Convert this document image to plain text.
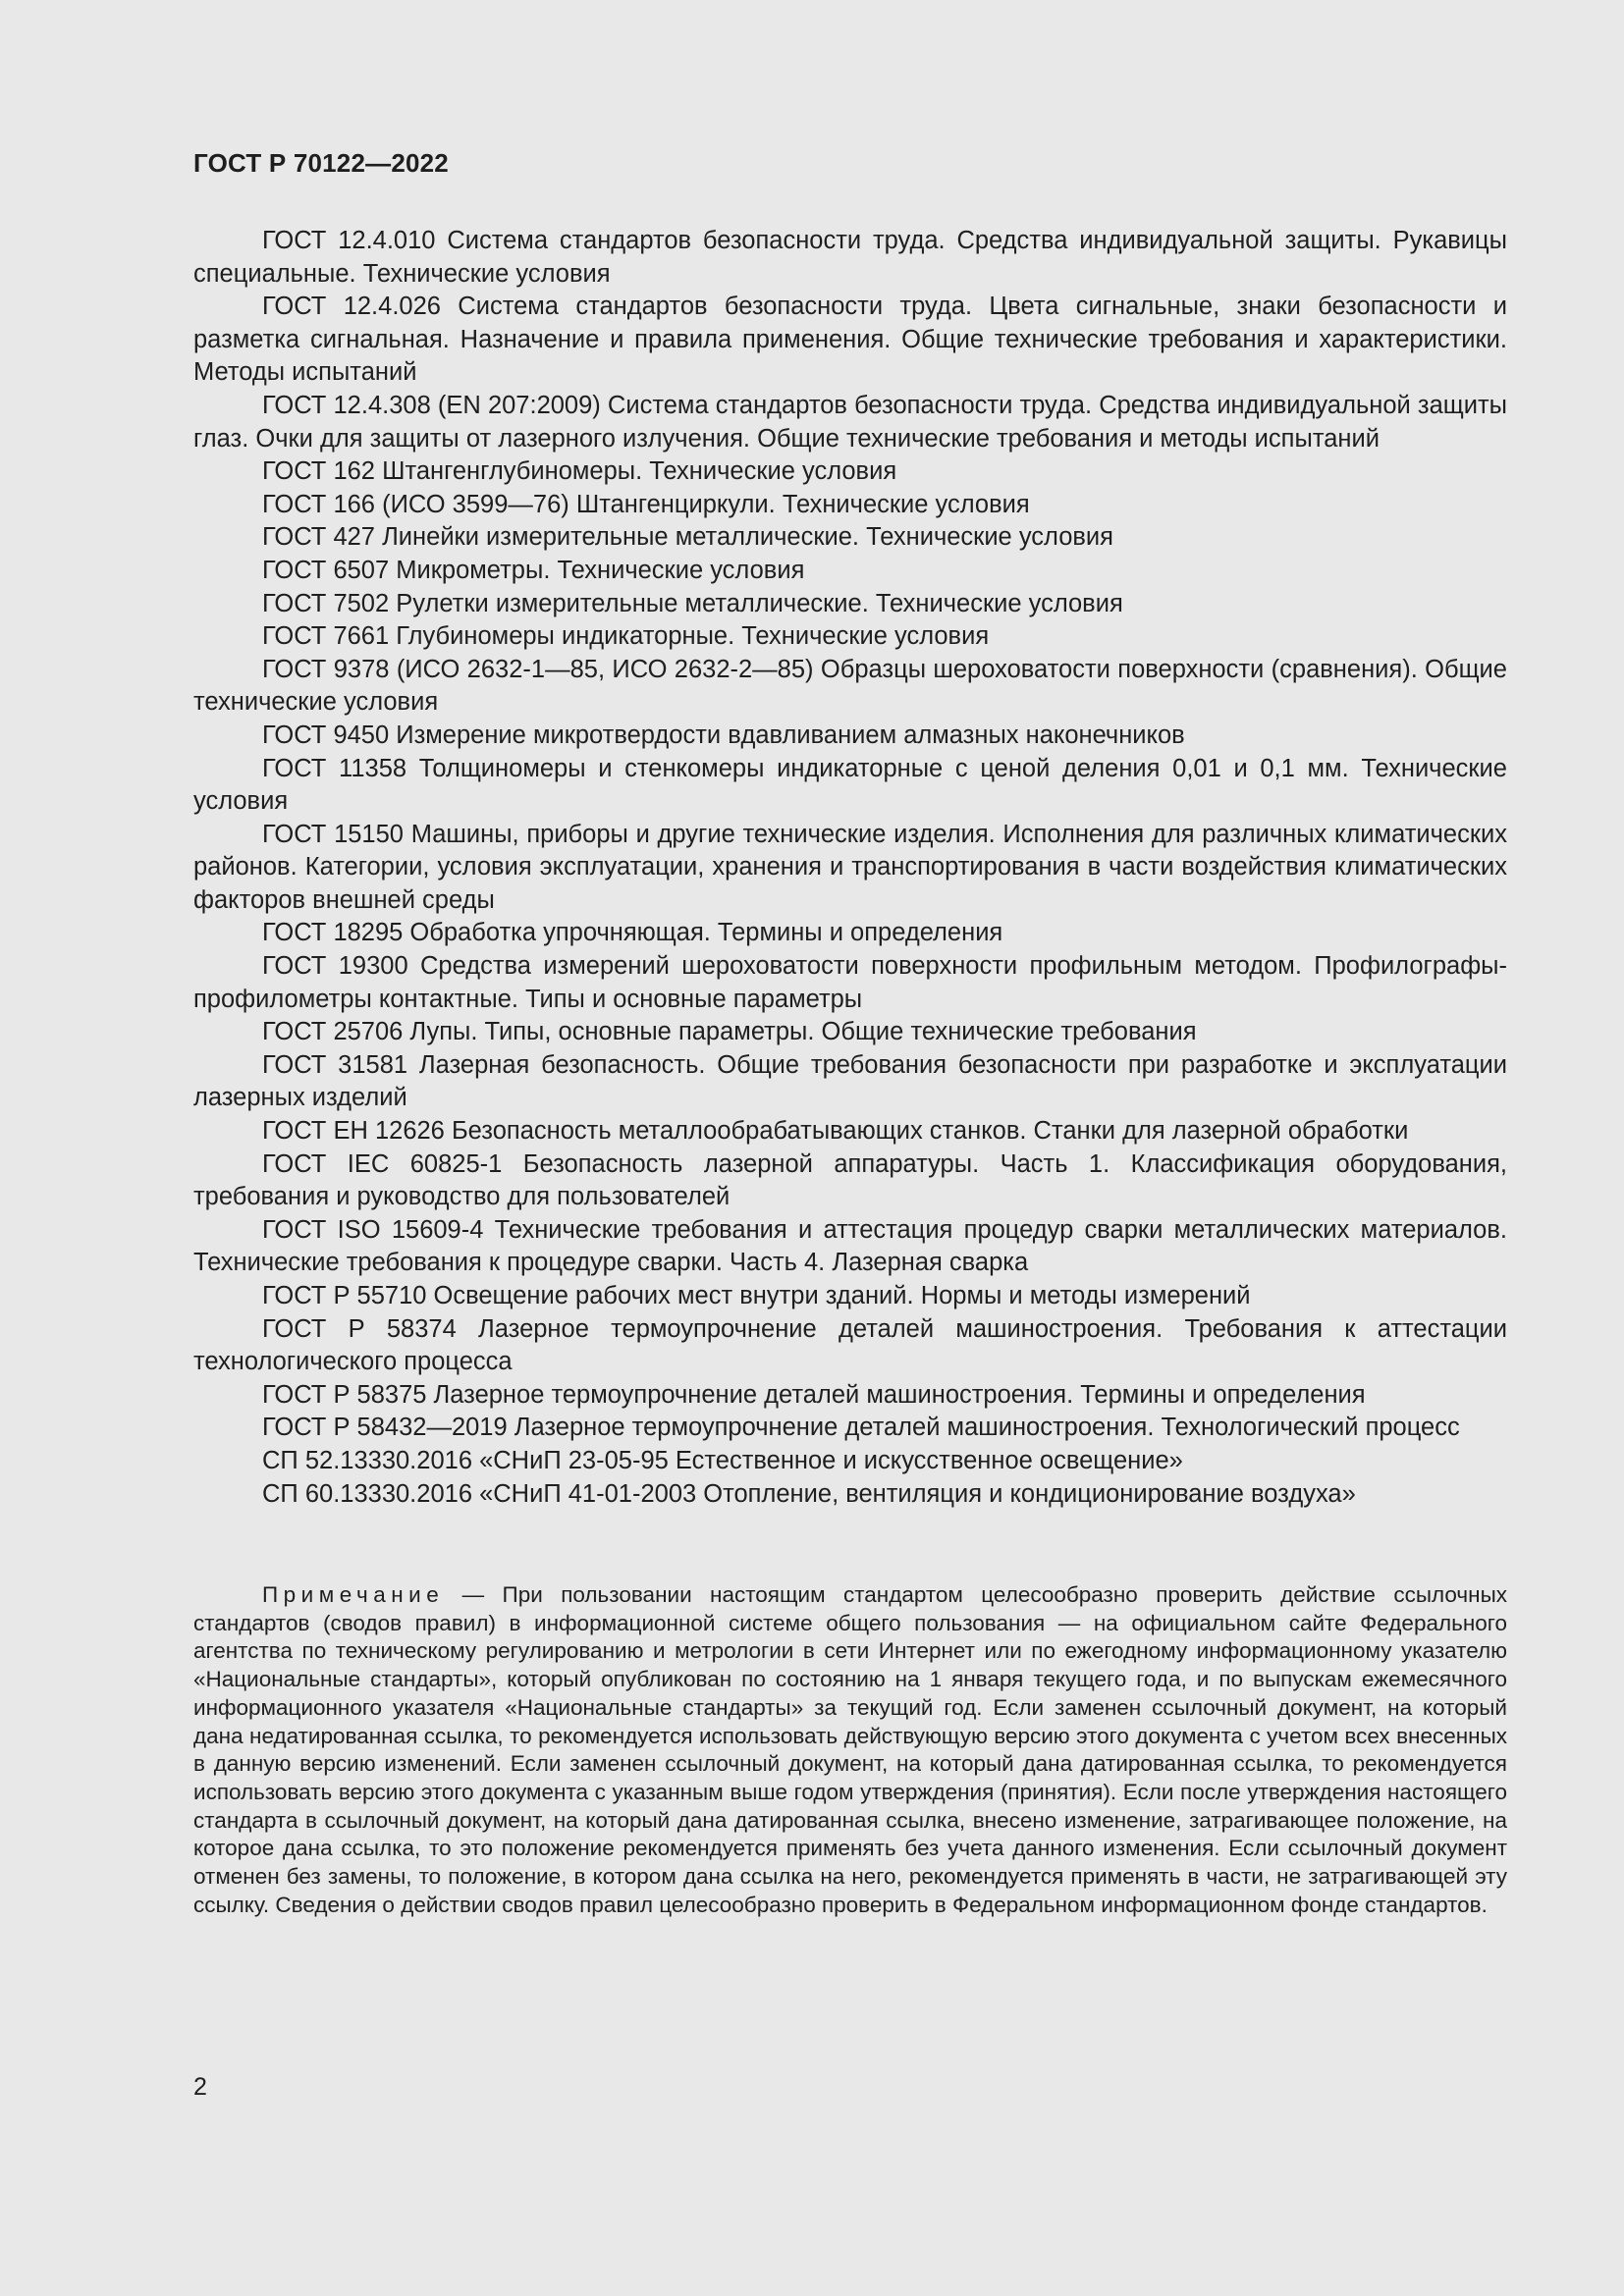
ГОСТ Р 70122—2022

ГОСТ 12.4.010 Система стандартов безопасности труда. Средства индивидуальной защиты. Рукавицы специальные. Технические условия

ГОСТ 12.4.026 Система стандартов безопасности труда. Цвета сигнальные, знаки безопасности и разметка сигнальная. Назначение и правила применения. Общие технические требования и характеристики. Методы испытаний

ГОСТ 12.4.308 (EN 207:2009) Система стандартов безопасности труда. Средства индивидуальной защиты глаз. Очки для защиты от лазерного излучения. Общие технические требования и методы испытаний

ГОСТ 162 Штангенглубиномеры. Технические условия

ГОСТ 166 (ИСО 3599—76) Штангенциркули. Технические условия

ГОСТ 427 Линейки измерительные металлические. Технические условия

ГОСТ 6507 Микрометры. Технические условия

ГОСТ 7502 Рулетки измерительные металлические. Технические условия

ГОСТ 7661 Глубиномеры индикаторные. Технические условия

ГОСТ 9378 (ИСО 2632-1—85, ИСО 2632-2—85) Образцы шероховатости поверхности (сравнения). Общие технические условия

ГОСТ 9450 Измерение микротвердости вдавливанием алмазных наконечников

ГОСТ 11358 Толщиномеры и стенкомеры индикаторные с ценой деления 0,01 и 0,1 мм. Технические условия

ГОСТ 15150 Машины, приборы и другие технические изделия. Исполнения для различных климатических районов. Категории, условия эксплуатации, хранения и транспортирования в части воздействия климатических факторов внешней среды

ГОСТ 18295 Обработка упрочняющая. Термины и определения

ГОСТ 19300 Средства измерений шероховатости поверхности профильным методом. Профилографы-профилометры контактные. Типы и основные параметры

ГОСТ 25706 Лупы. Типы, основные параметры. Общие технические требования

ГОСТ 31581 Лазерная безопасность. Общие требования безопасности при разработке и эксплуатации лазерных изделий

ГОСТ ЕН 12626 Безопасность металлообрабатывающих станков. Станки для лазерной обработки

ГОСТ IEC 60825-1 Безопасность лазерной аппаратуры. Часть 1. Классификация оборудования, требования и руководство для пользователей

ГОСТ ISO 15609-4 Технические требования и аттестация процедур сварки металлических материалов. Технические требования к процедуре сварки. Часть 4. Лазерная сварка

ГОСТ Р 55710 Освещение рабочих мест внутри зданий. Нормы и методы измерений

ГОСТ Р 58374 Лазерное термоупрочнение деталей машиностроения. Требования к аттестации технологического процесса

ГОСТ Р 58375 Лазерное термоупрочнение деталей машиностроения. Термины и определения

ГОСТ Р 58432—2019 Лазерное термоупрочнение деталей машиностроения. Технологический процесс

СП 52.13330.2016 «СНиП 23-05-95 Естественное и искусственное освещение»

СП 60.13330.2016 «СНиП 41-01-2003 Отопление, вентиляция и кондиционирование воздуха»

Примечание — При пользовании настоящим стандартом целесообразно проверить действие ссылочных стандартов (сводов правил) в информационной системе общего пользования — на официальном сайте Федерального агентства по техническому регулированию и метрологии в сети Интернет или по ежегодному информационному указателю «Национальные стандарты», который опубликован по состоянию на 1 января текущего года, и по выпускам ежемесячного информационного указателя «Национальные стандарты» за текущий год. Если заменен ссылочный документ, на который дана недатированная ссылка, то рекомендуется использовать действующую версию этого документа с учетом всех внесенных в данную версию изменений. Если заменен ссылочный документ, на который дана датированная ссылка, то рекомендуется использовать версию этого документа с указанным выше годом утверждения (принятия). Если после утверждения настоящего стандарта в ссылочный документ, на который дана датированная ссылка, внесено изменение, затрагивающее положение, на которое дана ссылка, то это положение рекомендуется применять без учета данного изменения. Если ссылочный документ отменен без замены, то положение, в котором дана ссылка на него, рекомендуется применять в части, не затрагивающей эту ссылку. Сведения о действии сводов правил целесообразно проверить в Федеральном информационном фонде стандартов.

2
